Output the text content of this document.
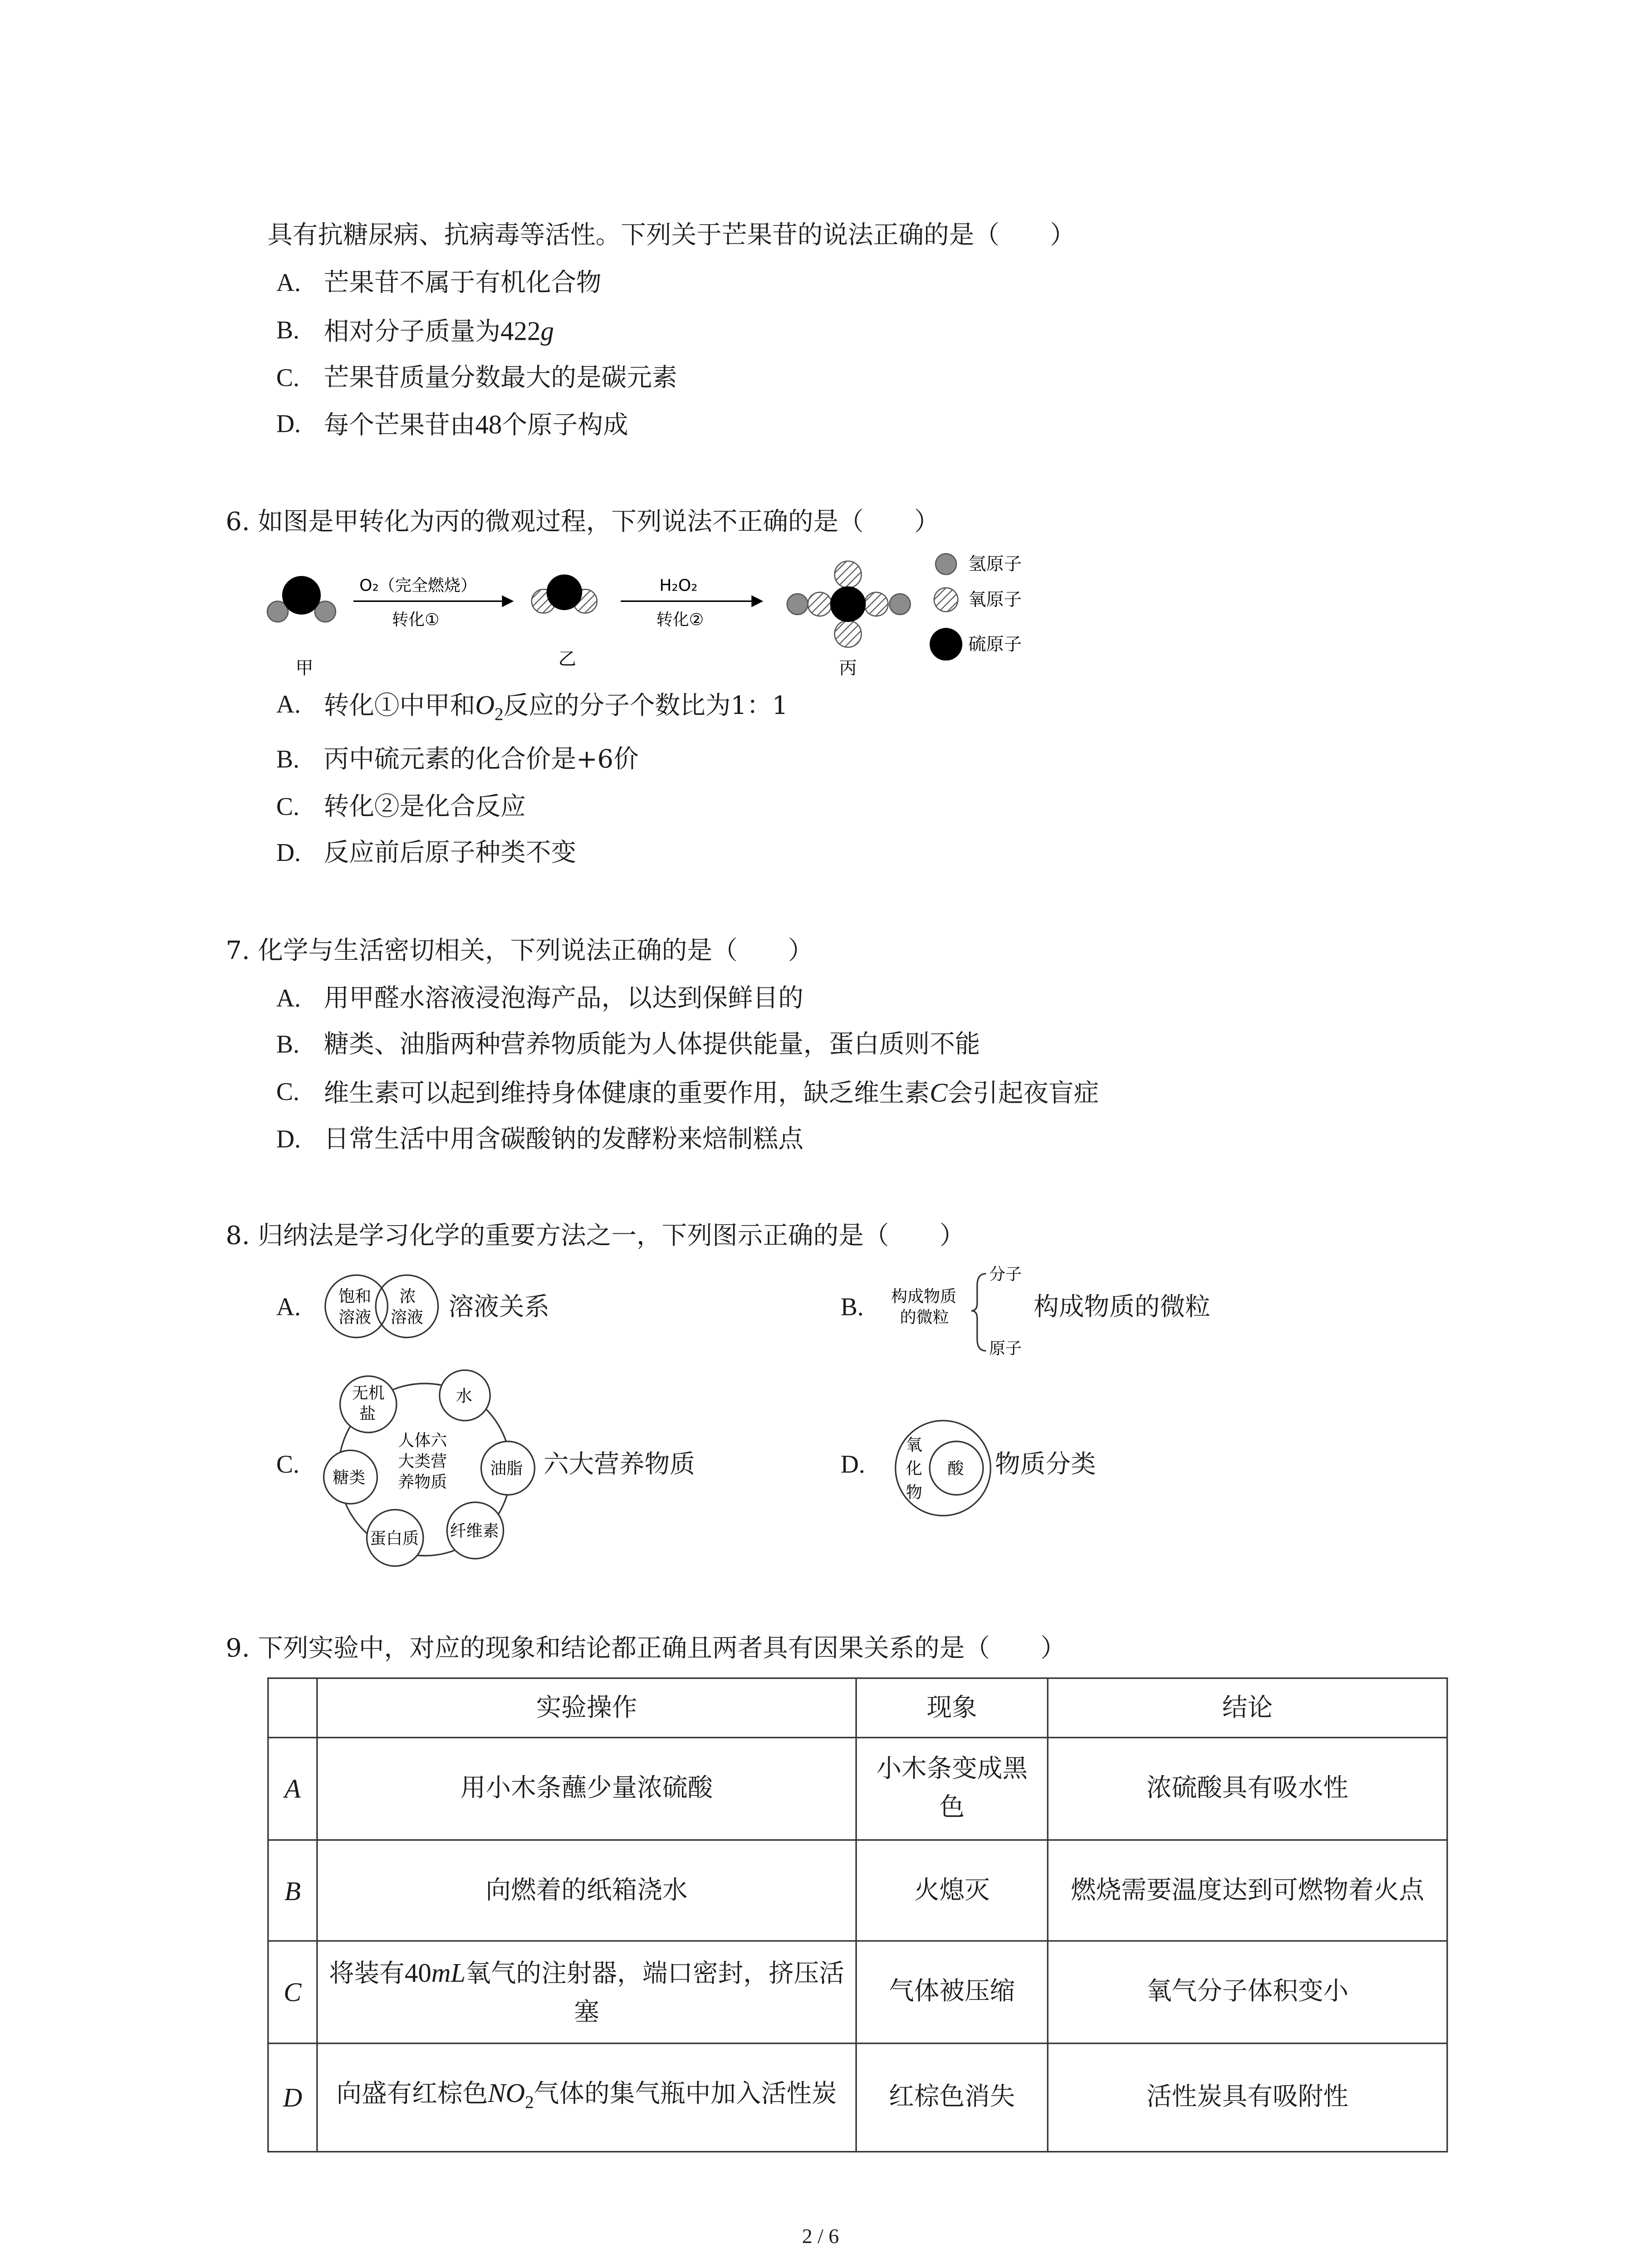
具有抗糖尿病、抗病毒等活性。下列关于芒果苷的说法正确的是（　　）
A.	芒果苷不属于有机化合物
B.	相对分子质量为422g
C.	芒果苷质量分数最大的是碳元素
D.	每个芒果苷由48个原子构成
6. 如图是甲转化为丙的微观过程，下列说法不正确的是（　　）
甲
O₂（完全燃烧）
转化①
乙
H₂O₂
转化②
丙
氢原子
氧原子
硫原子
A.	转化①中甲和$O_2$反应的分子个数比为1：1
B.	丙中硫元素的化合价是+6价
C.	转化②是化合反应
D.	反应前后原子种类不变
7. 化学与生活密切相关，下列说法正确的是（　　）
A.	用甲醛水溶液浸泡海产品，以达到保鲜目的
B.	糖类、油脂两种营养物质能为人体提供能量，蛋白质则不能
C.	维生素可以起到维持身体健康的重要作用，缺乏维生素C会引起夜盲症
D.	日常生活中用含碳酸钠的发酵粉来焙制糕点
8. 归纳法是学习化学的重要方法之一，下列图示正确的是（　　）
A.	饱和
溶液
浓
溶液	溶液关系	B.	构成物质
的微粒
分子
原子
构成物质的微粒
C.
人体六
大类营
养物质
无机
盐
水
油脂
纤维素
蛋白质
糖类	六大营养物质	D.
氧
化
物
酸	物质分类
9. 下列实验中，对应的现象和结论都正确且两者具有因果关系的是（　　）
	实验操作	现象	结论
A	用小木条蘸少量浓硫酸	小木条变成黑色	浓硫酸具有吸水性
B	向燃着的纸箱浇水	火熄灭	燃烧需要温度达到可燃物着火点
C	将装有40mL氧气的注射器，端口密封，挤压活塞	气体被压缩	氧气分子体积变小
D	向盛有红棕色$NO_2$气体的集气瓶中加入活性炭	红棕色消失	活性炭具有吸附性
2 / 6
